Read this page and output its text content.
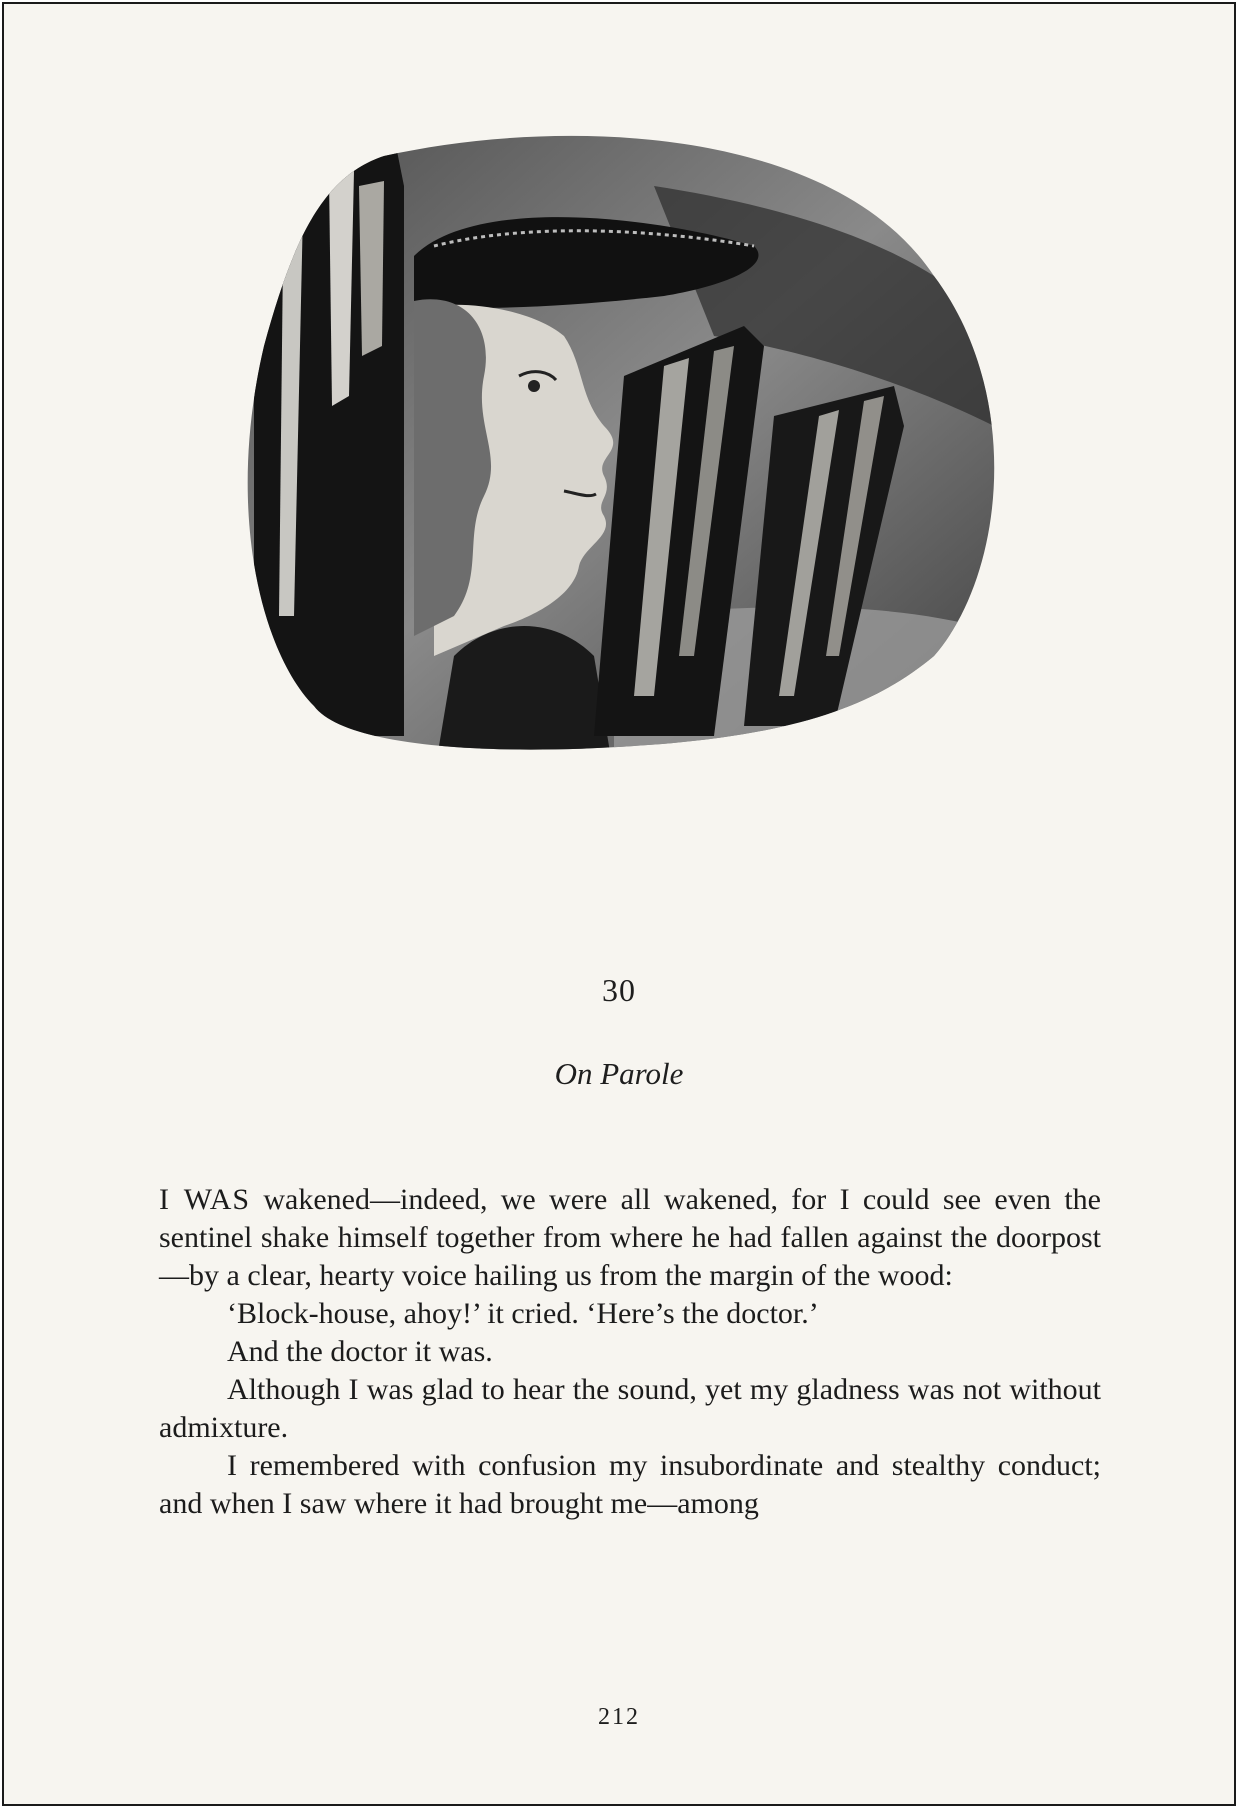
30
On Parole

I WAS wakened—indeed, we were all wakened, for I could see even the sentinel shake himself together from where he had fallen against the doorpost—by a clear, hearty voice hailing us from the margin of the wood:

‘Block-house, ahoy!’ it cried. ‘Here’s the doctor.’

And the doctor it was.

Although I was glad to hear the sound, yet my gladness was not without admixture.

I remembered with confusion my insubordinate and stealthy conduct; and when I saw where it had brought me—among

212
